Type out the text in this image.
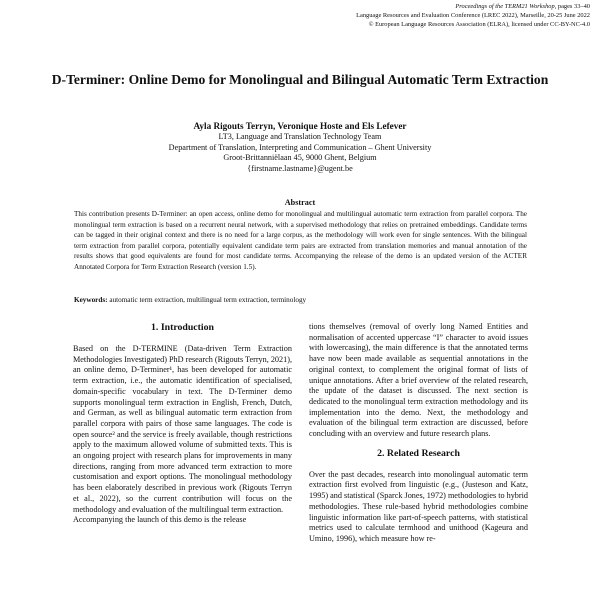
Proceedings of the TERM21 Workshop, pages 33–40
Language Resources and Evaluation Conference (LREC 2022), Marseille, 20-25 June 2022
© European Language Resources Association (ELRA), licensed under CC-BY-NC-4.0
D-Terminer: Online Demo for Monolingual and Bilingual Automatic Term Extraction
Ayla Rigouts Terryn, Veronique Hoste and Els Lefever
LT3, Language and Translation Technology Team
Department of Translation, Interpreting and Communication – Ghent University
Groot-Brittanniëlaan 45, 9000 Ghent, Belgium
{firstname.lastname}@ugent.be
Abstract
This contribution presents D-Terminer: an open access, online demo for monolingual and multilingual automatic term extraction from parallel corpora. The monolingual term extraction is based on a recurrent neural network, with a supervised methodology that relies on pretrained embeddings. Candidate terms can be tagged in their original context and there is no need for a large corpus, as the methodology will work even for single sentences. With the bilingual term extraction from parallel corpora, potentially equivalent candidate term pairs are extracted from translation memories and manual annotation of the results shows that good equivalents are found for most candidate terms. Accompanying the release of the demo is an updated version of the ACTER Annotated Corpora for Term Extraction Research (version 1.5).
Keywords: automatic term extraction, multilingual term extraction, terminology
1. Introduction

Based on the D-TERMINE (Data-driven Term Extraction Methodologies Investigated) PhD research (Rigouts Terryn, 2021), an online demo, D-Terminer¹, has been developed for automatic term extraction, i.e., the automatic identification of specialised, domain-specific vocabulary in text. The D-Terminer demo supports monolingual term extraction in English, French, Dutch, and German, as well as bilingual automatic term extraction from parallel corpora with pairs of those same languages. The code is open source² and the service is freely available, though restrictions apply to the maximum allowed volume of submitted texts. This is an ongoing project with research plans for improvements in many directions, ranging from more advanced term extraction to more customisation and export options. The monolingual methodology has been elaborately described in previous work (Rigouts Terryn et al., 2022), so the current contribution will focus on the methodology and evaluation of the multilingual term extraction.

Accompanying the launch of this demo is the release

tions themselves (removal of overly long Named Entities and normalisation of accented uppercase “I” character to avoid issues with lowercasing), the main difference is that the annotated terms have now been made available as sequential annotations in the original context, to complement the original format of lists of unique annotations. After a brief overview of the related research, the update of the dataset is discussed. The next section is dedicated to the monolingual term extraction methodology and its implementation into the demo. Next, the methodology and evaluation of the bilingual term extraction are discussed, before concluding with an overview and future research plans.

2. Related Research

Over the past decades, research into monolingual automatic term extraction first evolved from linguistic (e.g., (Justeson and Katz, 1995) and statistical (Sparck Jones, 1972) methodologies to hybrid methodologies. These rule-based hybrid methodologies combine linguistic information like part-of-speech patterns, with statistical metrics used to calculate termhood and unithood (Kageura and Umino, 1996), which measure how re-
